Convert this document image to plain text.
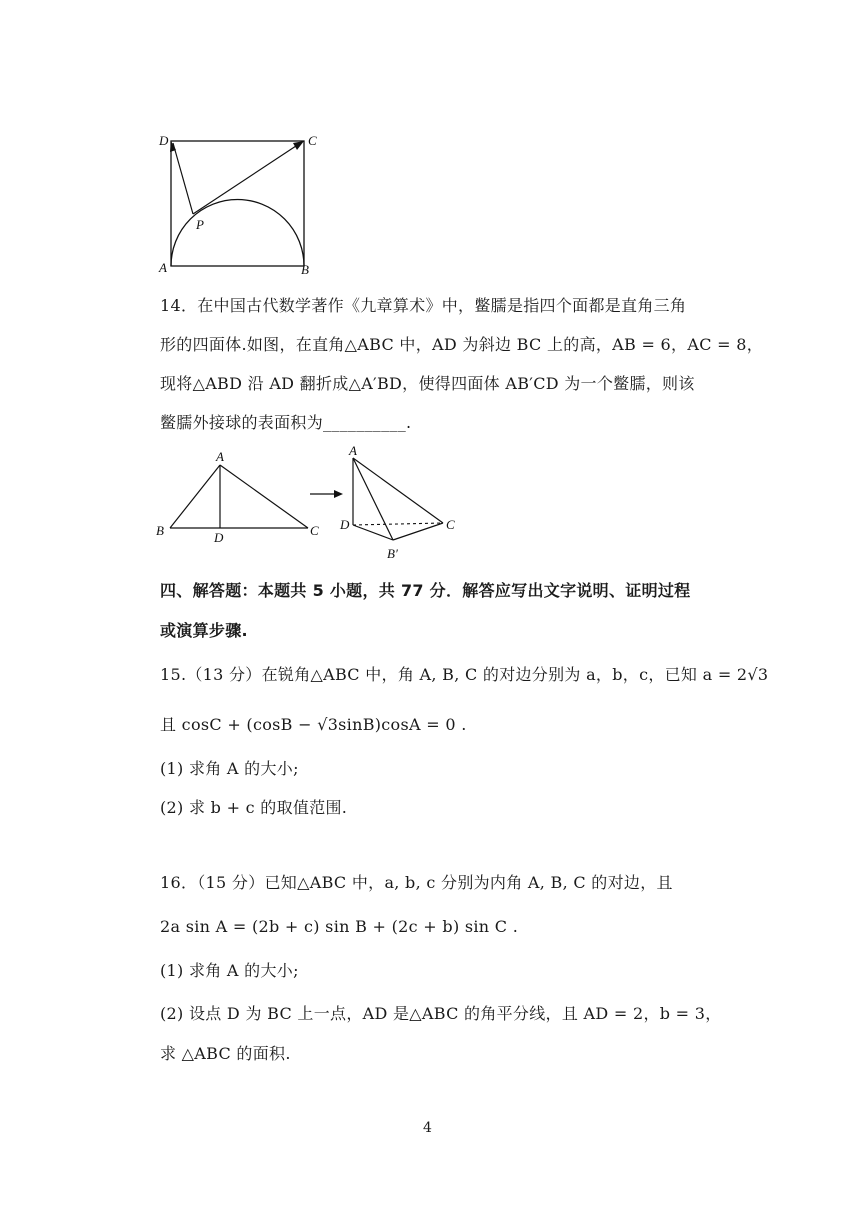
D	C
P
A	B
14．在中国古代数学著作《九章算术》中，鳖臑是指四个面都是直角三角
形的四面体.如图，在直角△ABC 中，AD 为斜边 BC 上的高，AB = 6，AC = 8，
现将△ABD 沿 AD 翻折成△A′BD，使得四面体 AB′CD 为一个鳖臑，则该
鳖臑外接球的表面积为__________.
A
B	D	C
A
D	C
B′
四、解答题：本题共 5 小题，共 77 分．解答应写出文字说明、证明过程
或演算步骤.
15.（13 分）在锐角△ABC 中，角 A, B, C 的对边分别为 a，b，c，已知 a = 2√3
且 cosC + (cosB − √3sinB)cosA = 0 .
(1) 求角 A 的大小;
(2) 求 b + c 的取值范围.
16．（15 分）已知△ABC 中，a, b, c 分别为内角 A, B, C 的对边，且
2a sin A = (2b + c) sin B + (2c + b) sin C .
(1) 求角 A 的大小;
(2) 设点 D 为 BC 上一点，AD 是△ABC 的角平分线，且 AD = 2，b = 3，
求 △ABC 的面积.
4
